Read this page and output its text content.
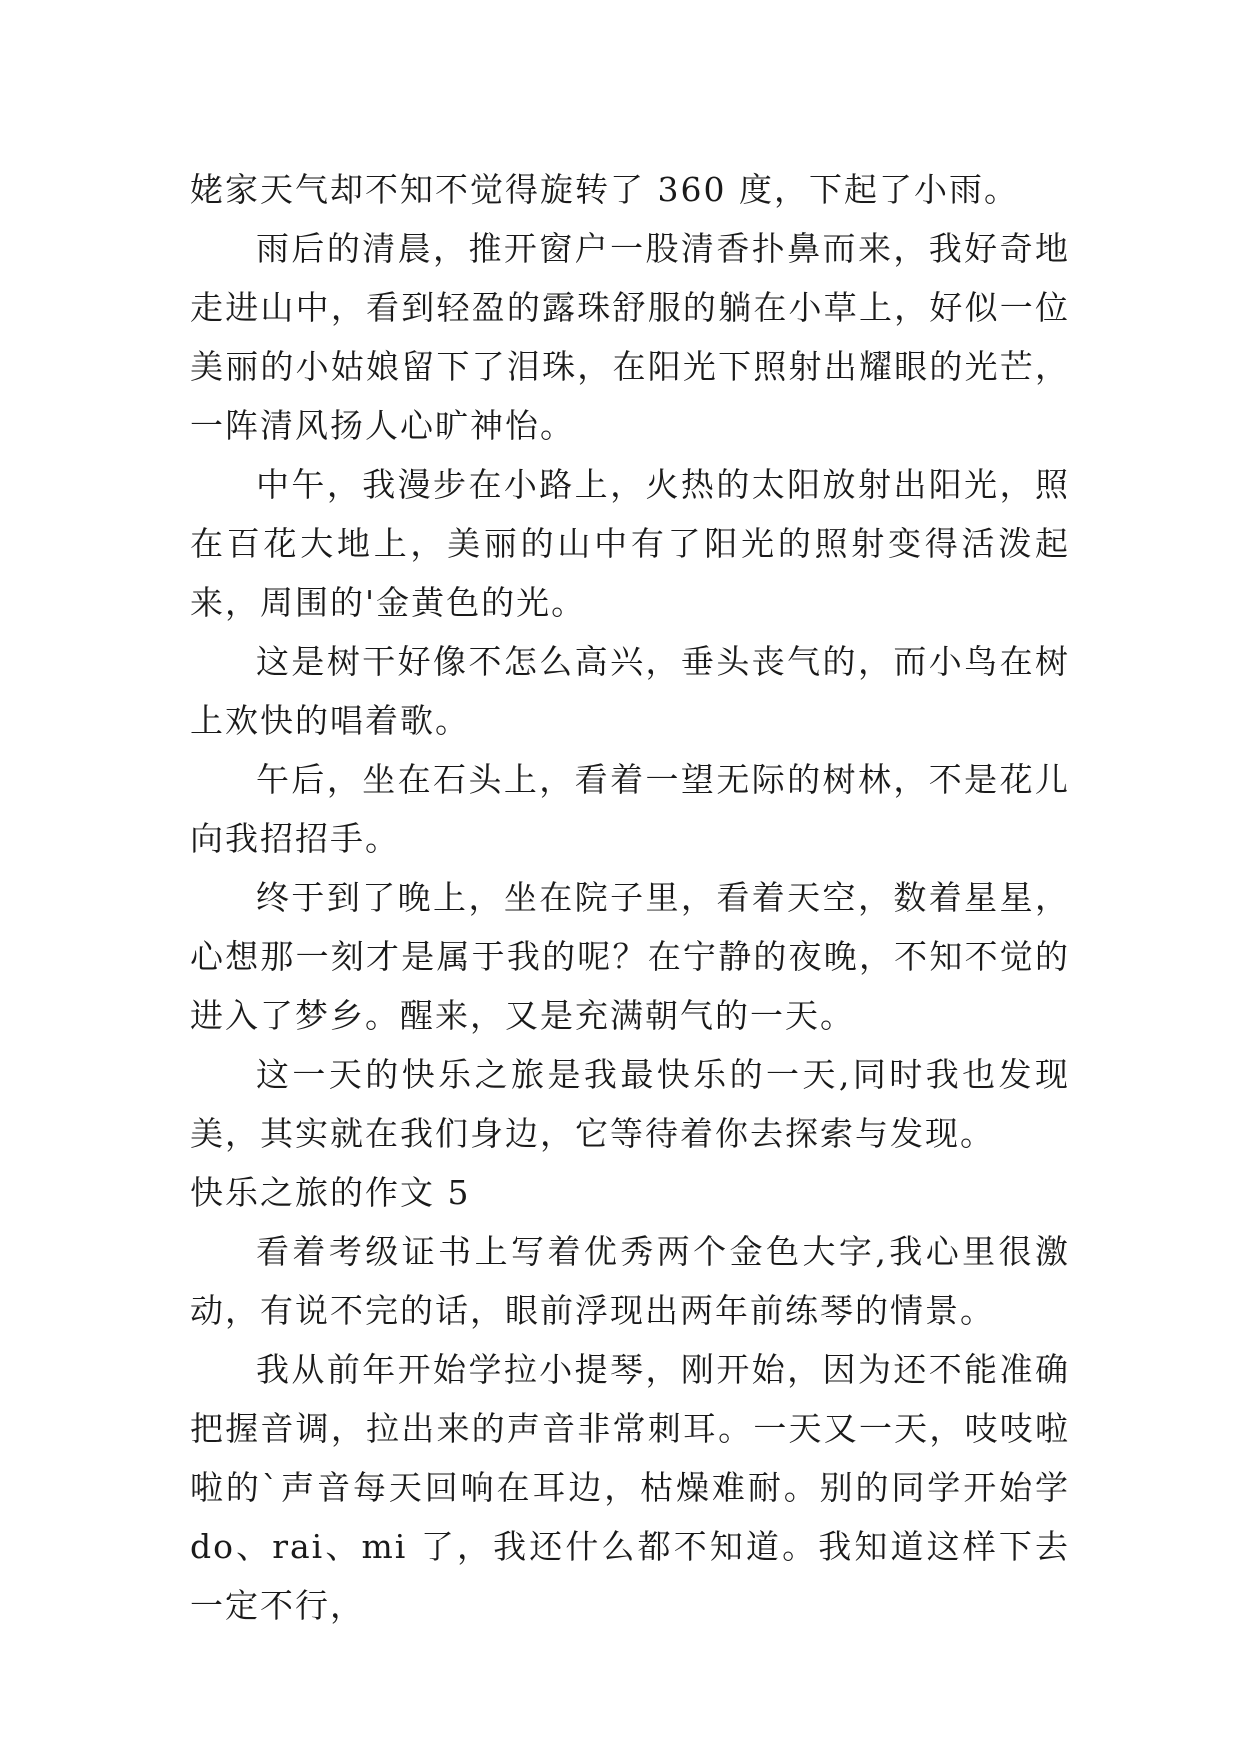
姥家天气却不知不觉得旋转了 360 度，下起了小雨。

雨后的清晨，推开窗户一股清香扑鼻而来，我好奇地走进山中，看到轻盈的露珠舒服的躺在小草上，好似一位美丽的小姑娘留下了泪珠，在阳光下照射出耀眼的光芒，一阵清风扬人心旷神怡。

中午，我漫步在小路上，火热的太阳放射出阳光，照在百花大地上，美丽的山中有了阳光的照射变得活泼起来，周围的'金黄色的光。

这是树干好像不怎么高兴，垂头丧气的，而小鸟在树上欢快的唱着歌。

午后，坐在石头上，看着一望无际的树林，不是花儿向我招招手。

终于到了晚上，坐在院子里，看着天空，数着星星，心想那一刻才是属于我的呢？在宁静的夜晚，不知不觉的进入了梦乡。醒来，又是充满朝气的一天。

这一天的快乐之旅是我最快乐的一天,同时我也发现美，其实就在我们身边，它等待着你去探索与发现。

快乐之旅的作文 5

看着考级证书上写着优秀两个金色大字,我心里很激动，有说不完的话，眼前浮现出两年前练琴的情景。

我从前年开始学拉小提琴，刚开始，因为还不能准确把握音调，拉出来的声音非常刺耳。一天又一天，吱吱啦啦的`声音每天回响在耳边，枯燥难耐。别的同学开始学 do、rai、mi 了，我还什么都不知道。我知道这样下去一定不行，
